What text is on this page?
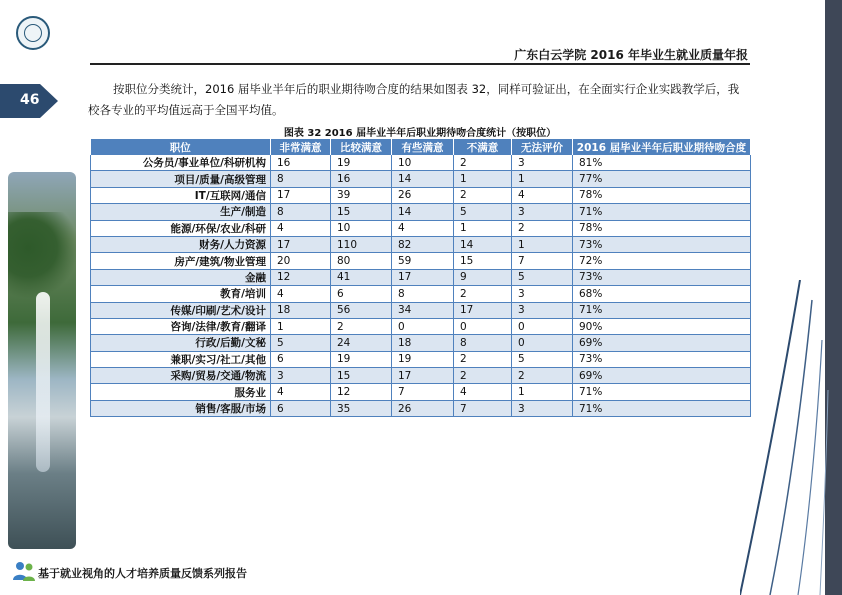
广东白云学院 2016 年毕业生就业质量年报
46

按职位分类统计，2016 届毕业半年后的职业期待吻合度的结果如图表 32，同样可验证出，在全面实行企业实践教学后，我校各专业的平均值远高于全国平均值。

图表 32 2016 届毕业半年后职业期待吻合度统计（按职位）
职位	非常满意	比较满意	有些满意	不满意	无法评价	2016 届毕业半年后职业期待吻合度
公务员/事业单位/科研机构	16	19	10	2	3	81%
项目/质量/高级管理	8	16	14	1	1	77%
IT/互联网/通信	17	39	26	2	4	78%
生产/制造	8	15	14	5	3	71%
能源/环保/农业/科研	4	10	4	1	2	78%
财务/人力资源	17	110	82	14	1	73%
房产/建筑/物业管理	20	80	59	15	7	72%
金融	12	41	17	9	5	73%
教育/培训	4	6	8	2	3	68%
传媒/印刷/艺术/设计	18	56	34	17	3	71%
咨询/法律/教育/翻译	1	2	0	0	0	90%
行政/后勤/文秘	5	24	18	8	0	69%
兼职/实习/社工/其他	6	19	19	2	5	73%
采购/贸易/交通/物流	3	15	17	2	2	69%
服务业	4	12	7	4	1	71%
销售/客服/市场	6	35	26	7	3	71%
基于就业视角的人才培养质量反馈系列报告
